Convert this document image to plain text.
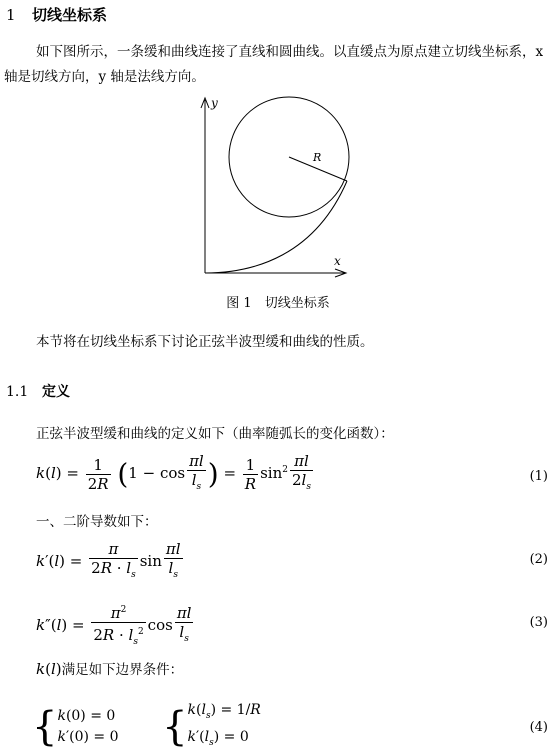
1 切线坐标系
如下图所示，一条缓和曲线连接了直线和圆曲线。以直缓点为原点建立切线坐标系，x 轴是切线方向，y 轴是法线方向。
y
x
R
图 1　切线坐标系
本节将在切线坐标系下讨论正弦半波型缓和曲线的性质。
1.1 定义
正弦半波型缓和曲线的定义如下（曲率随弧长的变化函数）：
$k(l) = \frac{1}{2R} (1 - \cos \frac{\pi l}{l_s}$ ) = $\frac{1}{R} \sin^2 \frac{\pi l}{2l_s}$	(1)
一、二阶导数如下：
$k'(l) = \frac{\pi}{2R \cdot l_s}$ $\sin \frac{\pi l}{l_s}$	(2)
$k''(l) = \frac{\pi^2}{2R \cdot l_s^2}$ $\cos \frac{\pi l}{l_s}$	(3)
k(l)满足如下边界条件：
{k(0) = 0
k′(0) = 0 {$k(l_s) = 1/R$
$k'(l_s) = 0$
(4)
